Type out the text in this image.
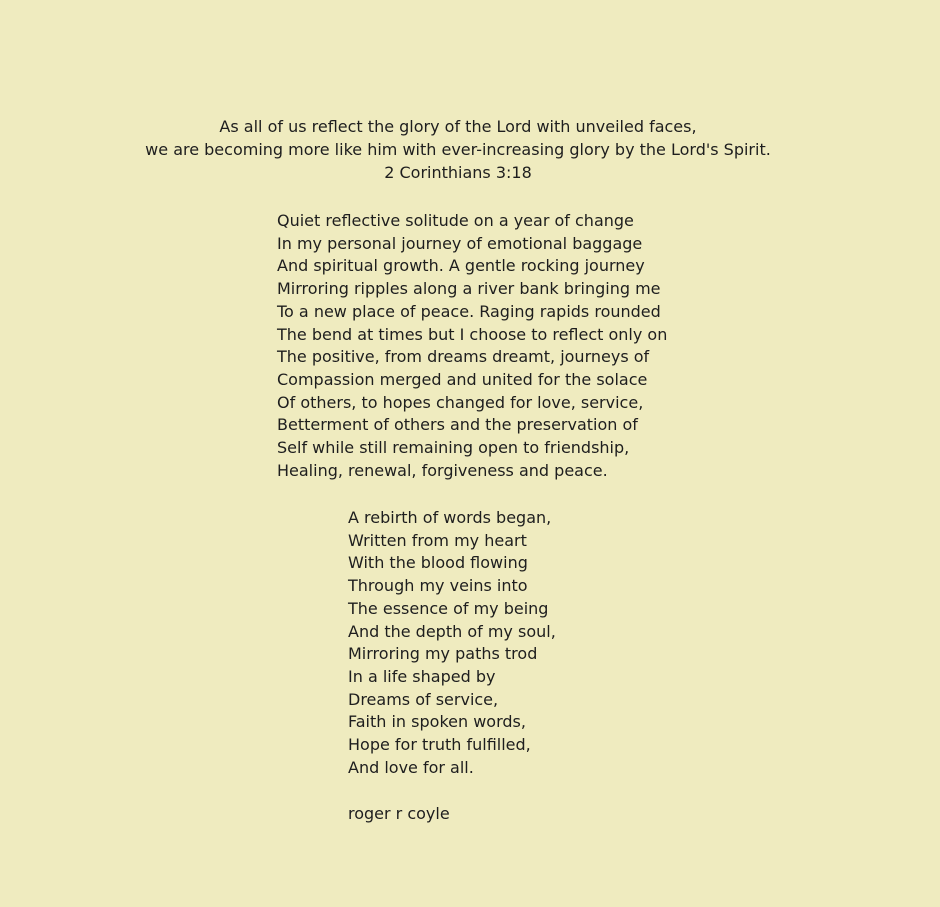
As all of us reflect the glory of the Lord with unveiled faces,
we are becoming more like him with ever-increasing glory by the Lord's Spirit.
2 Corinthians 3:18
Quiet reflective solitude on a year of change
In my personal journey of emotional baggage
And spiritual growth. A gentle rocking journey
Mirroring ripples along a river bank bringing me
To a new place of peace. Raging rapids rounded
The bend at times but I choose to reflect only on
The positive, from dreams dreamt, journeys of
Compassion merged and united for the solace
Of others, to hopes changed for love, service,
Betterment of others and the preservation of
Self while still remaining open to friendship,
Healing, renewal, forgiveness and peace.
A rebirth of words began,
Written from my heart
With the blood flowing
Through my veins into
The essence of my being
And the depth of my soul,
Mirroring my paths trod
In a life shaped by
Dreams of service,
Faith in spoken words,
Hope for truth fulfilled,
And love for all.
roger r coyle
